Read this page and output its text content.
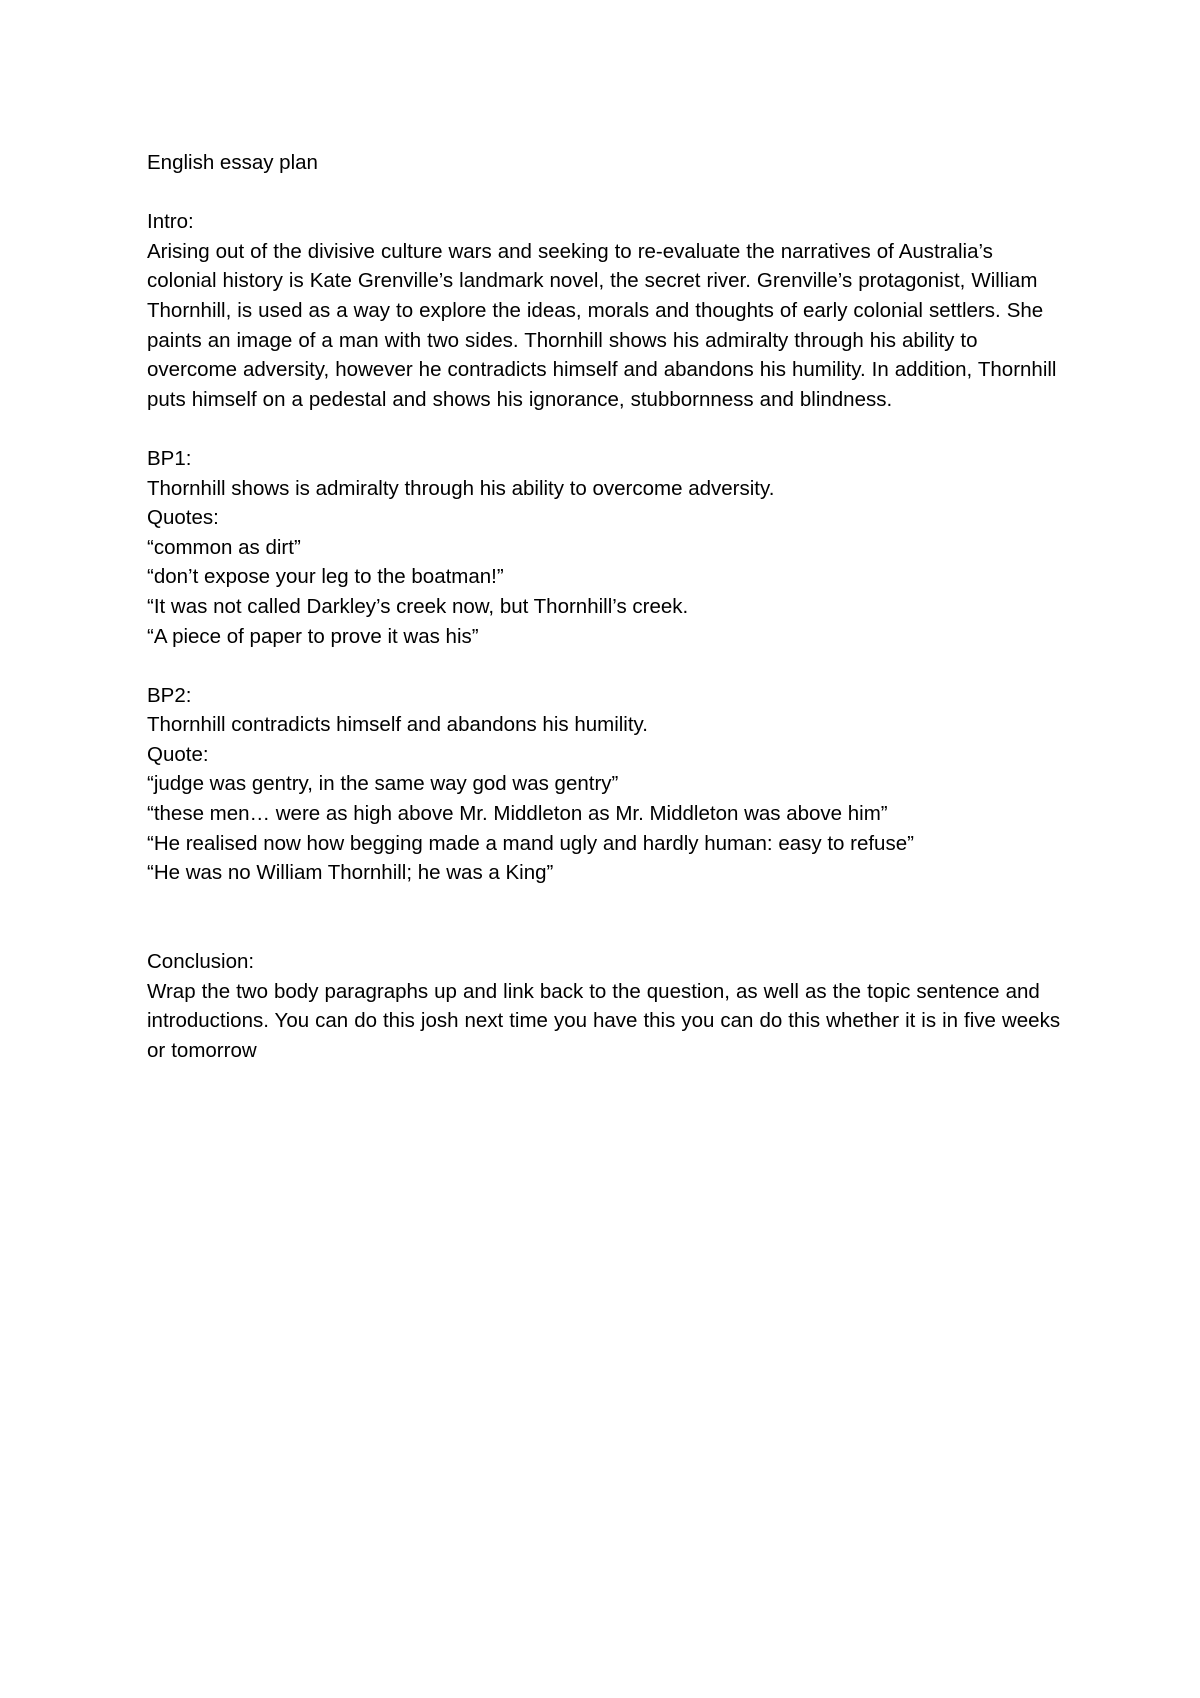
English essay plan
Intro:
Arising out of the divisive culture wars and seeking to re-evaluate the narratives of Australia’s colonial history is Kate Grenville’s landmark novel, the secret river. Grenville’s protagonist, William Thornhill, is used as a way to explore the ideas, morals and thoughts of early colonial settlers. She paints an image of a man with two sides. Thornhill shows his admiralty through his ability to overcome adversity, however he contradicts himself and abandons his humility. In addition, Thornhill puts himself on a pedestal and shows his ignorance, stubbornness and blindness.
BP1:
Thornhill shows is admiralty through his ability to overcome adversity.
Quotes:
“common as dirt”
“don’t expose your leg to the boatman!”
“It was not called Darkley’s creek now, but Thornhill’s creek.
“A piece of paper to prove it was his”
BP2:
Thornhill contradicts himself and abandons his humility.
Quote:
“judge was gentry, in the same way god was gentry”
“these men… were as high above Mr. Middleton as Mr. Middleton was above him”
“He realised now how begging made a mand ugly and hardly human: easy to refuse”
“He was no William Thornhill; he was a King”
Conclusion:
Wrap the two body paragraphs up and link back to the question, as well as the topic sentence and introductions. You can do this josh next time you have this you can do this whether it is in five weeks or tomorrow
